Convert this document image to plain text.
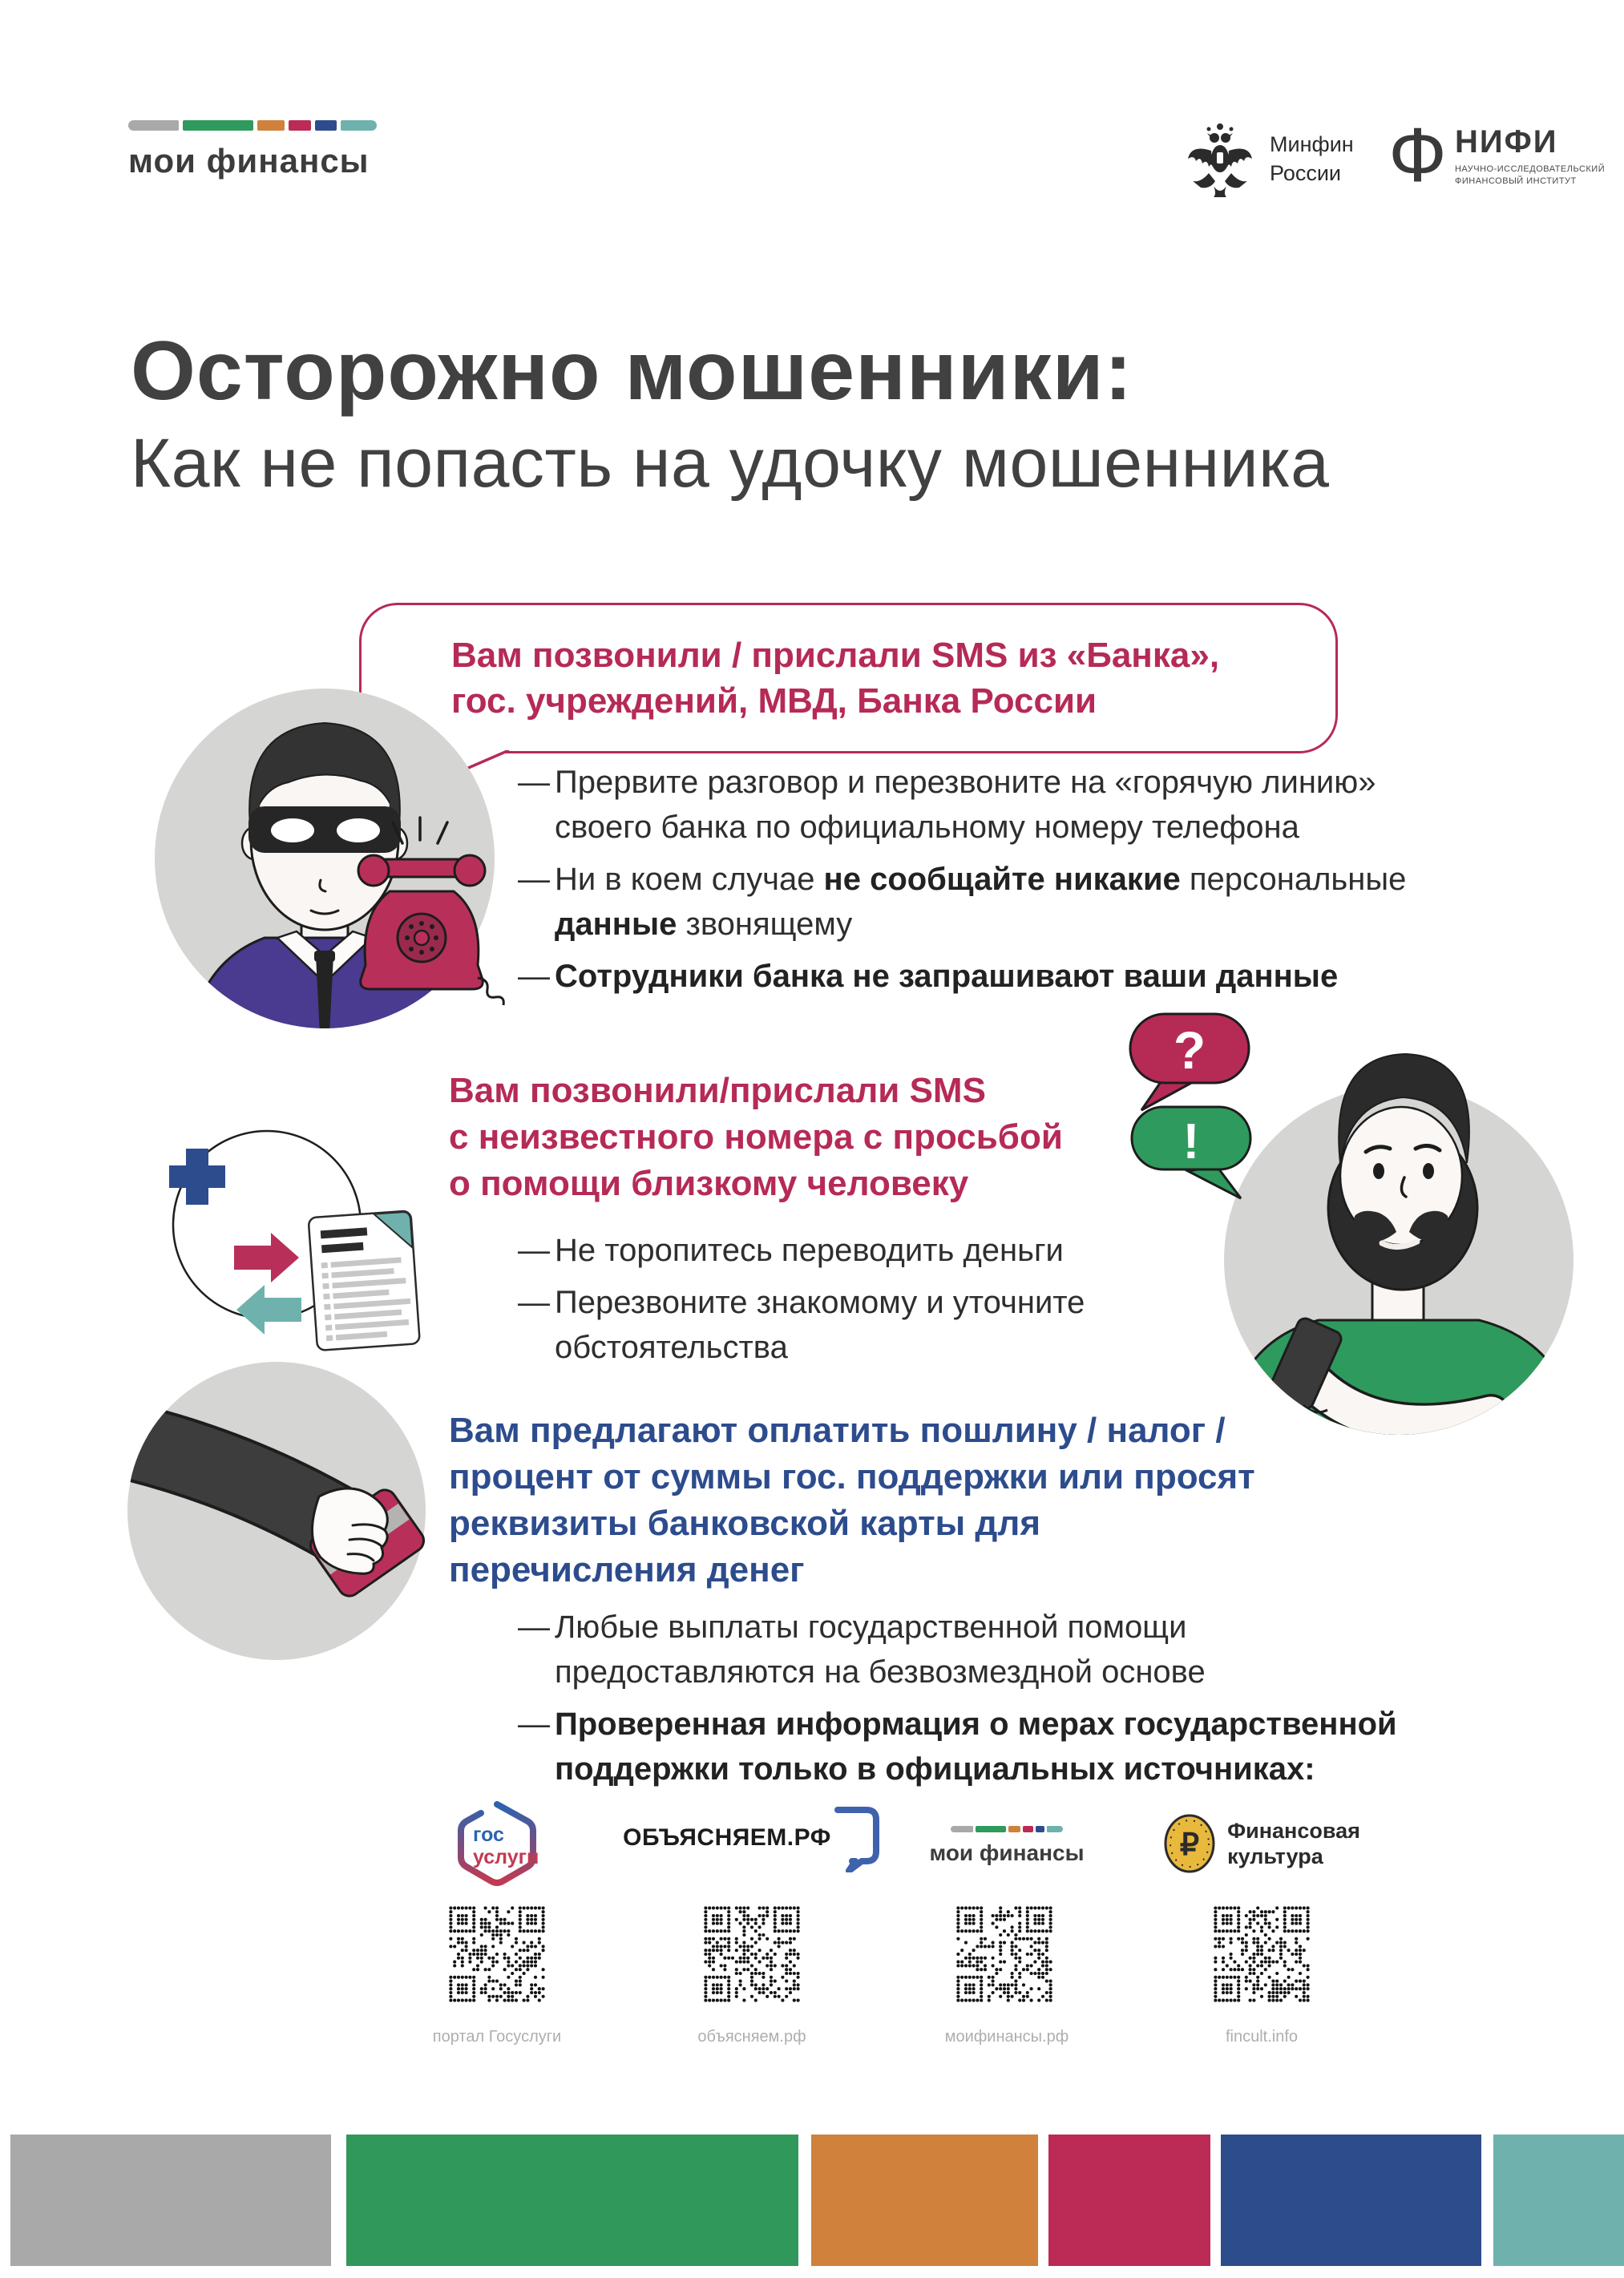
мои финансы	Минфин
России Ф НИФИ
НАУЧНО-ИССЛЕДОВАТЕЛЬСКИЙ
ФИНАНСОВЫЙ ИНСТИТУТ
Осторожно мошенники:
Как не попасть на удочку мошенника
Вам позвонили / прислали SMS из «Банка»,
гос. учреждений, МВД, Банка России
— Прервите разговор и перезвоните на «горячую линию»
своего банка по официальному номеру телефона
— Ни в коем случае не сообщайте никакие персональные
данные звонящему
— Сотрудники банка не запрашивают ваши данные
Вам позвонили/прислали SMS
с неизвестного номера с просьбой
о помощи близкому человеку
— Не торопитесь переводить деньги
— Перезвоните знакомому и уточните
обстоятельства
?
!
Вам предлагают оплатить пошлину / налог /
процент от суммы гос. поддержки или просят
реквизиты банковской карты для
перечисления денег
— Любые выплаты государственной помощи
предоставляются на безвозмездной основе
— Проверенная информация о мерах государственной
поддержки только в официальных источниках:
гос
услуги
портал Госуслуги
ОБЪЯСНЯЕМ.РФ
объясняем.рф
мои финансы
моифинансы.рф
₽ Финансовая
культура
fincult.info
